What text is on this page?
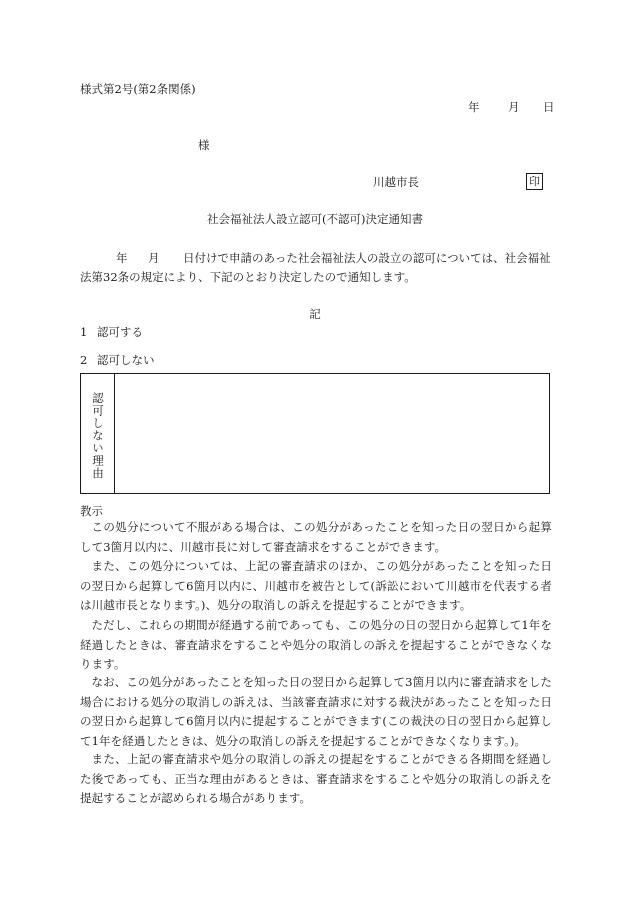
様式第2号(第2条関係)
年 月 日
様
川越市長	印
社会福祉法人設立認可(不認可)決定通知書
年 月 日付けで申請のあった社会福祉法人の設立の認可については、社会福祉
法第32条の規定により、下記のとおり決定したので通知します。
記
1 認可する
2 認可しない
認可しない理由
教示
この処分について不服がある場合は、この処分があったことを知った日の翌日から起算して3箇月以内に、川越市長に対して審査請求をすることができます。
また、この処分については、上記の審査請求のほか、この処分があったことを知った日の翌日から起算して6箇月以内に、川越市を被告として(訴訟において川越市を代表する者は川越市長となります。)、処分の取消しの訴えを提起することができます。
ただし、これらの期間が経過する前であっても、この処分の日の翌日から起算して1年を経過したときは、審査請求をすることや処分の取消しの訴えを提起することができなくなります。
なお、この処分があったことを知った日の翌日から起算して3箇月以内に審査請求をした場合における処分の取消しの訴えは、当該審査請求に対する裁決があったことを知った日の翌日から起算して6箇月以内に提起することができます(この裁決の日の翌日から起算して1年を経過したときは、処分の取消しの訴えを提起することができなくなります。)。
また、上記の審査請求や処分の取消しの訴えの提起をすることができる各期間を経過した後であっても、正当な理由があるときは、審査請求をすることや処分の取消しの訴えを提起することが認められる場合があります。
